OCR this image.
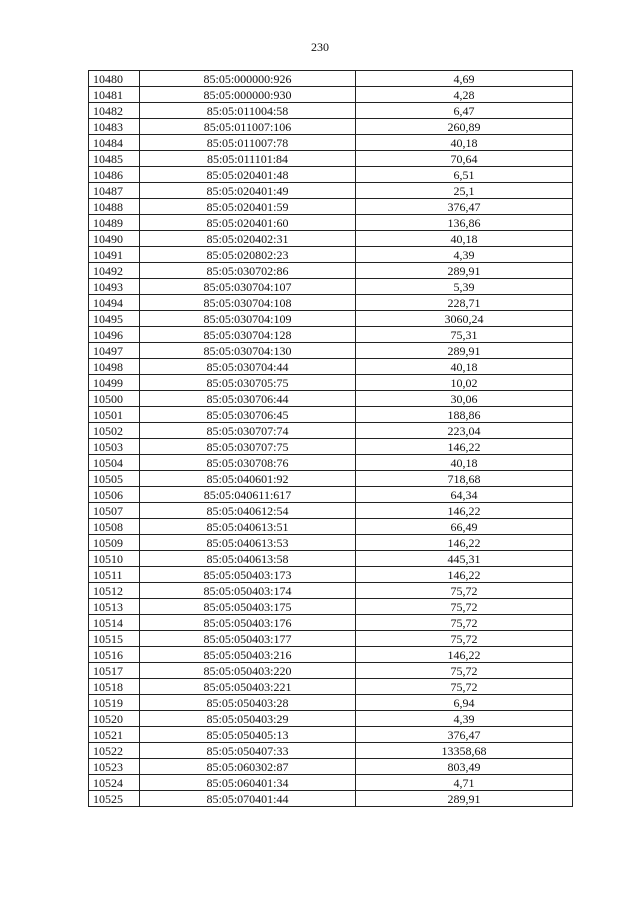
230
10480	85:05:000000:926	4,69
10481	85:05:000000:930	4,28
10482	85:05:011004:58	6,47
10483	85:05:011007:106	260,89
10484	85:05:011007:78	40,18
10485	85:05:011101:84	70,64
10486	85:05:020401:48	6,51
10487	85:05:020401:49	25,1
10488	85:05:020401:59	376,47
10489	85:05:020401:60	136,86
10490	85:05:020402:31	40,18
10491	85:05:020802:23	4,39
10492	85:05:030702:86	289,91
10493	85:05:030704:107	5,39
10494	85:05:030704:108	228,71
10495	85:05:030704:109	3060,24
10496	85:05:030704:128	75,31
10497	85:05:030704:130	289,91
10498	85:05:030704:44	40,18
10499	85:05:030705:75	10,02
10500	85:05:030706:44	30,06
10501	85:05:030706:45	188,86
10502	85:05:030707:74	223,04
10503	85:05:030707:75	146,22
10504	85:05:030708:76	40,18
10505	85:05:040601:92	718,68
10506	85:05:040611:617	64,34
10507	85:05:040612:54	146,22
10508	85:05:040613:51	66,49
10509	85:05:040613:53	146,22
10510	85:05:040613:58	445,31
10511	85:05:050403:173	146,22
10512	85:05:050403:174	75,72
10513	85:05:050403:175	75,72
10514	85:05:050403:176	75,72
10515	85:05:050403:177	75,72
10516	85:05:050403:216	146,22
10517	85:05:050403:220	75,72
10518	85:05:050403:221	75,72
10519	85:05:050403:28	6,94
10520	85:05:050403:29	4,39
10521	85:05:050405:13	376,47
10522	85:05:050407:33	13358,68
10523	85:05:060302:87	803,49
10524	85:05:060401:34	4,71
10525	85:05:070401:44	289,91
